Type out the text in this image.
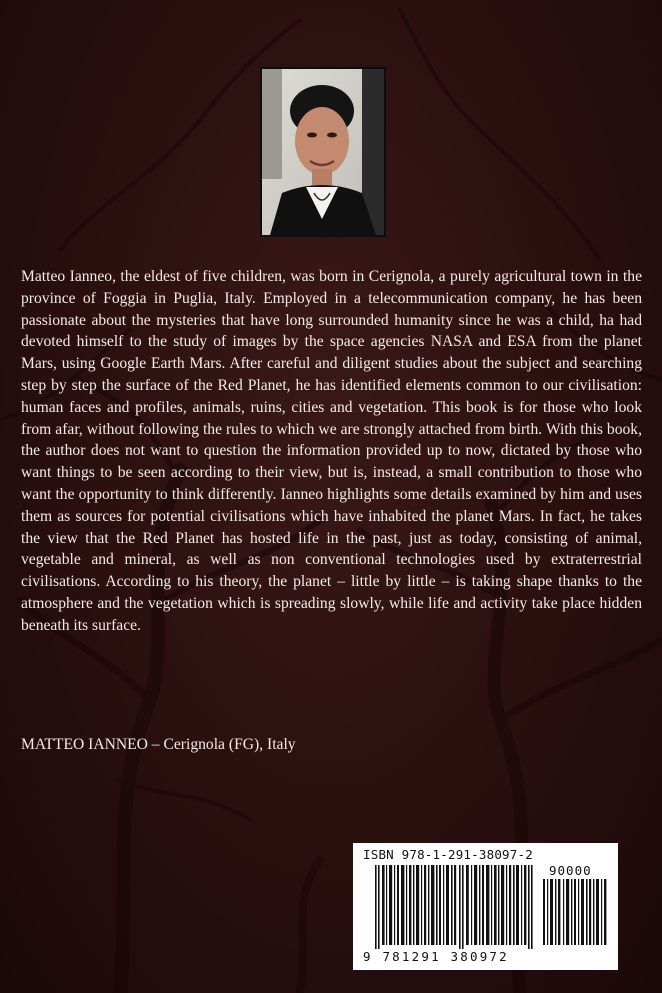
Matteo Ianneo, the eldest of five children, was born in Cerignola, a purely agricultural town in the province of Foggia in Puglia, Italy. Employed in a telecommunication company, he has been passionate about the mysteries that have long surrounded humanity since he was a child, ha had devoted himself to the study of images by the space agencies NASA and ESA from the planet Mars, using Google Earth Mars. After careful and diligent studies about the subject and searching step by step the surface of the Red Planet, he has identified elements common to our civilisation: human faces and profiles, animals, ruins, cities and vegetation. This book is for those who look from afar, without following the rules to which we are strongly attached from birth. With this book, the author does not want to question the information provided up to now, dictated by those who want things to be seen according to their view, but is, instead, a small contribution to those who want the opportunity to think differently. Ianneo highlights some details examined by him and uses them as sources for potential civilisations which have inhabited the planet Mars. In fact, he takes the view that the Red Planet has hosted life in the past, just as today, consisting of animal, vegetable and mineral, as well as non conventional technologies used by extraterrestrial civilisations. According to his theory, the planet – little by little – is taking shape thanks to the atmosphere and the vegetation which is spreading slowly, while life and activity take place hidden beneath its surface.

MATTEO IANNEO – Cerignola (FG), Italy

ISBN 978-1-291-38097-2
90000
9 781291 380972
